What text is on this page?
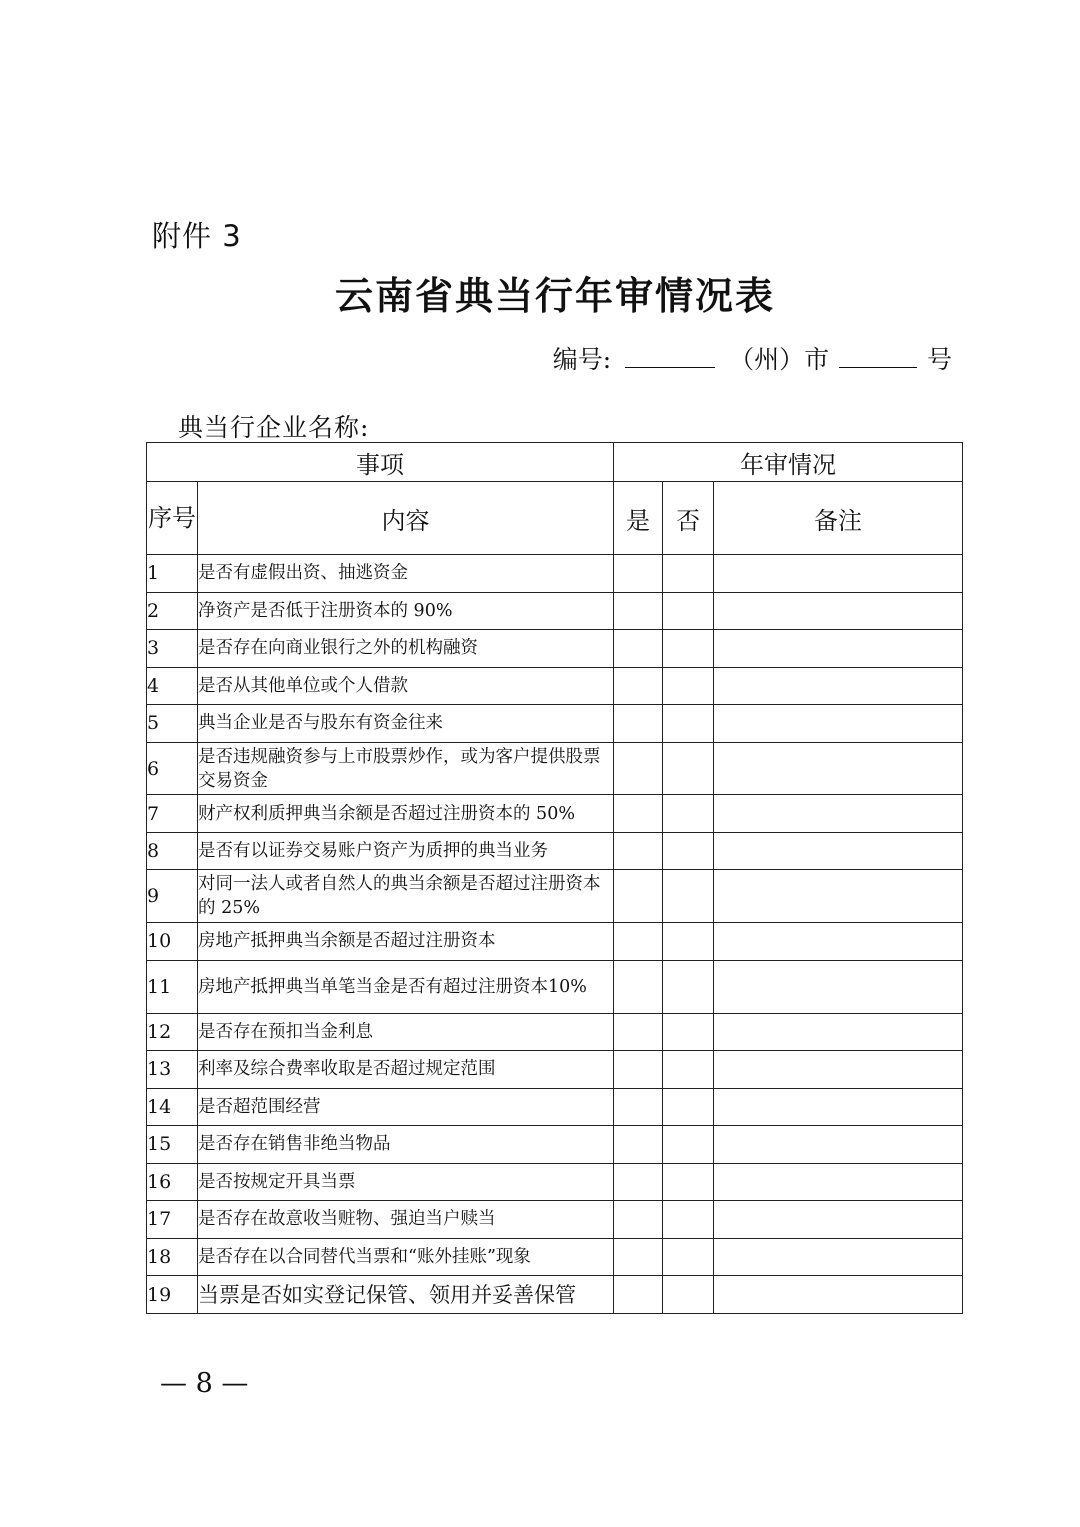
附件 3
云南省典当行年审情况表
编号:	（州）市	号
典当行企业名称:
事项		年审情况		
序号	内容	是	否	备注
1	是否有虚假出资、抽逃资金			
2	净资产是否低于注册资本的 90%			
3	是否存在向商业银行之外的机构融资			
4	是否从其他单位或个人借款			
5	典当企业是否与股东有资金往来			
6	是否违规融资参与上市股票炒作，或为客户提供股票交易资金			
7	财产权利质押典当余额是否超过注册资本的 50%			
8	是否有以证券交易账户资产为质押的典当业务			
9	对同一法人或者自然人的典当余额是否超过注册资本的 25%			
10	房地产抵押典当余额是否超过注册资本			
11	房地产抵押典当单笔当金是否有超过注册资本10%			
12	是否存在预扣当金利息			
13	利率及综合费率收取是否超过规定范围			
14	是否超范围经营			
15	是否存在销售非绝当物品			
16	是否按规定开具当票			
17	是否存在故意收当赃物、强迫当户赎当			
18	是否存在以合同替代当票和“账外挂账”现象			
19	当票是否如实登记保管、领用并妥善保管			
— 8 —
